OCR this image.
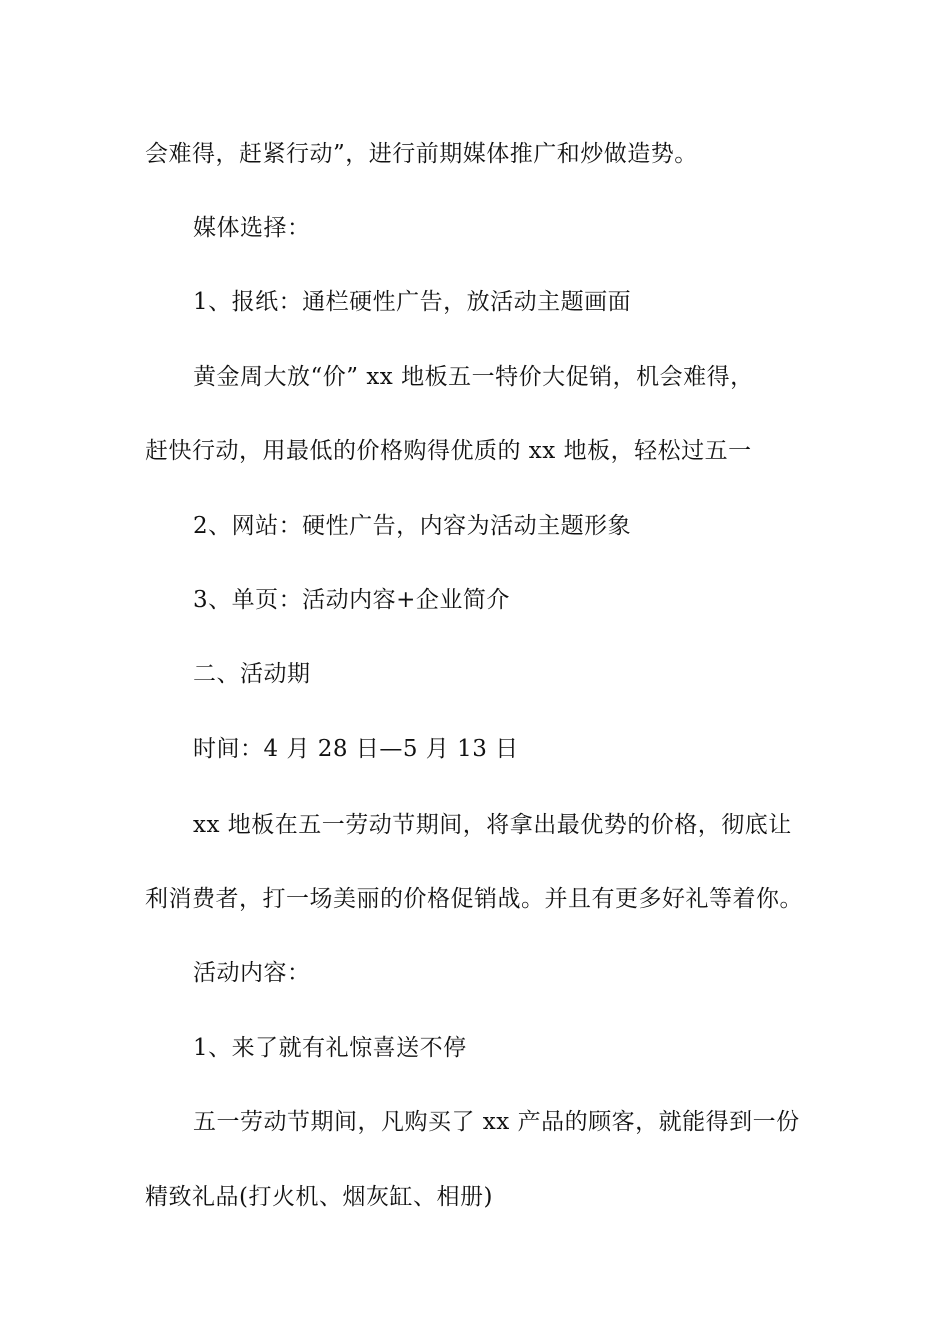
会难得，赶紧行动”，进行前期媒体推广和炒做造势。
媒体选择：
1、报纸：通栏硬性广告，放活动主题画面
黄金周大放“价” xx 地板五一特价大促销，机会难得，
赶快行动，用最低的价格购得优质的 xx 地板，轻松过五一
2、网站：硬性广告，内容为活动主题形象
3、单页：活动内容+企业简介
二、活动期
时间：4 月 28 日—5 月 13 日
xx 地板在五一劳动节期间，将拿出最优势的价格，彻底让
利消费者，打一场美丽的价格促销战。并且有更多好礼等着你。
活动内容：
1、来了就有礼惊喜送不停
五一劳动节期间，凡购买了 xx 产品的顾客，就能得到一份
精致礼品(打火机、烟灰缸、相册)
